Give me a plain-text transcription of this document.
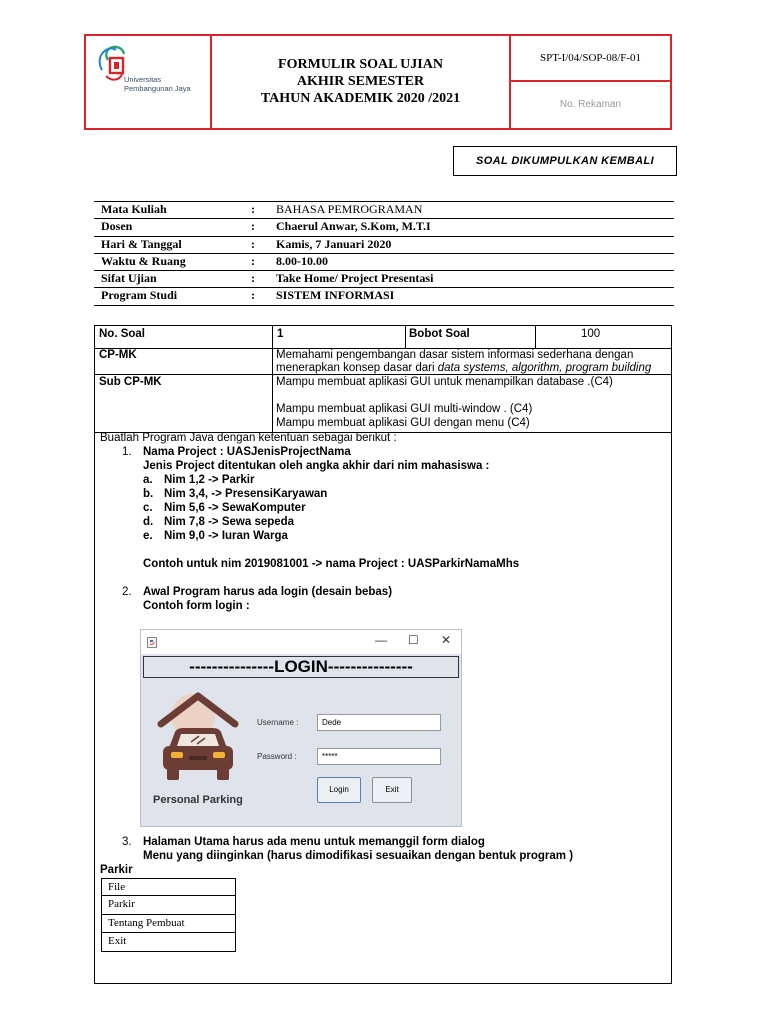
Universitas
Pembangunan Jaya
FORMULIR SOAL UJIAN
AKHIR SEMESTER
TAHUN AKADEMIK 2020 /2021
SPT-I/04/SOP-08/F-01
No. Rekaman
SOAL DIKUMPULKAN KEMBALI
Mata Kuliah	: BAHASA PEMROGRAMAN
Dosen	: Chaerul Anwar, S.Kom, M.T.I
Hari & Tanggal	: Kamis, 7 Januari 2020
Waktu & Ruang	: 8.00-10.00
Sifat Ujian	: Take Home/ Project Presentasi
Program Studi	: SISTEM INFORMASI
No. Soal	1	Bobot Soal	100
CP-MK	Memahami pengembangan dasar sistem informasi sederhana dengan
menerapkan konsep dasar dari data systems, algorithm, program building
Sub CP-MK	Mampu membuat aplikasi GUI untuk menampilkan database .(C4)
Mampu membuat aplikasi GUI multi-window . (C4)
Mampu membuat aplikasi GUI dengan menu (C4)
Buatlah Program Java dengan ketentuan sebagai berikut :
1. Nama Project : UASJenisProjectNama
Jenis Project ditentukan oleh angka akhir dari nim mahasiswa :
a. Nim 1,2 -> Parkir
b. Nim 3,4, -> PresensiKaryawan
c. Nim 5,6 -> SewaKomputer
d. Nim 7,8 -> Sewa sepeda
e. Nim 9,0 -> Iuran Warga
Contoh untuk nim 2019081001 -> nama Project : UASParkirNamaMhs
2. Awal Program harus ada login (desain bebas)
Contoh form login :
3. Halaman Utama harus ada menu untuk memanggil form dialog
Menu yang diinginkan (harus dimodifikasi sesuaikan dengan bentuk program )
Parkir
— ☐ ✕
---------------LOGIN---------------
Username :	Dede
Password :	*****
Login	Exit
Personal Parking
File
Parkir
Tentang Pembuat
Exit
